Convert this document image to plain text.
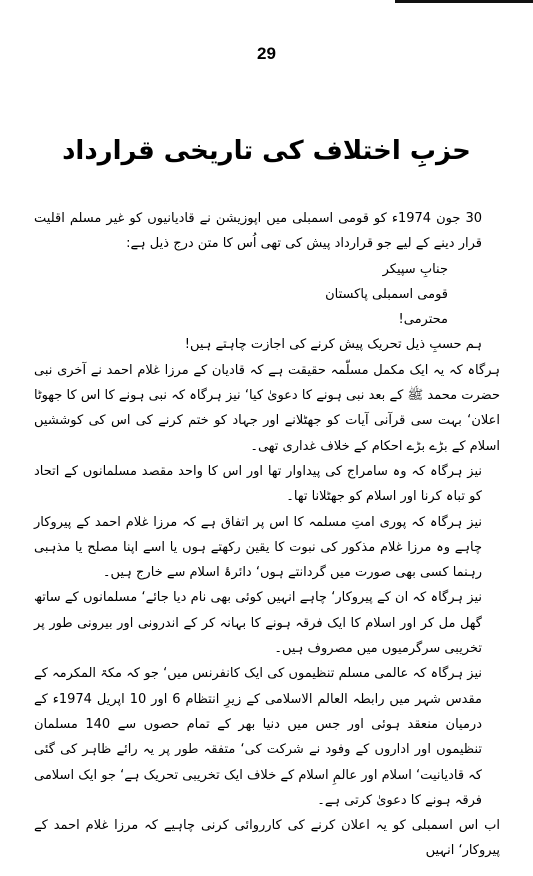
29
حزبِ اختلاف کی تاریخی قرارداد

30 جون 1974ء کو قومی اسمبلی میں اپوزیشن نے قادیانیوں کو غیر مسلم اقلیت قرار دینے کے لیے جو قرارداد پیش کی تھی اُس کا متن درج ذیل ہے:

جنابِ سپیکر

قومی اسمبلی پاکستان

محترمی!

ہم حسبِ ذیل تحریک پیش کرنے کی اجازت چاہتے ہیں!

ہرگاہ کہ یہ ایک مکمل مسلّمہ حقیقت ہے کہ قادیان کے مرزا غلام احمد نے آخری نبی حضرت محمد ﷺ کے بعد نبی ہونے کا دعویٰ کیا‘ نیز ہرگاہ کہ نبی ہونے کا اس کا جھوٹا اعلان‘ بہت سی قرآنی آیات کو جھٹلانے اور جہاد کو ختم کرنے کی اس کی کوششیں اسلام کے بڑے بڑے احکام کے خلاف غداری تھی۔

نیز ہرگاہ کہ وہ سامراج کی پیداوار تھا اور اس کا واحد مقصد مسلمانوں کے اتحاد کو تباہ کرنا اور اسلام کو جھٹلانا تھا۔

نیز ہرگاہ کہ پوری امتِ مسلمہ کا اس پر اتفاق ہے کہ مرزا غلام احمد کے پیروکار چاہے وہ مرزا غلام مذکور کی نبوت کا یقین رکھتے ہوں یا اسے اپنا مصلح یا مذہبی رہنما کسی بھی صورت میں گردانتے ہوں‘ دائرۂ اسلام سے خارج ہیں۔

نیز ہرگاہ کہ ان کے پیروکار‘ چاہے انہیں کوئی بھی نام دیا جائے‘ مسلمانوں کے ساتھ گھل مل کر اور اسلام کا ایک فرقہ ہونے کا بہانہ کر کے اندرونی اور بیرونی طور پر تخریبی سرگرمیوں میں مصروف ہیں۔

نیز ہرگاہ کہ عالمی مسلم تنظیموں کی ایک کانفرنس میں‘ جو کہ مکۃ المکرمہ کے مقدس شہر میں رابطہ العالم الاسلامی کے زیرِ انتظام 6 اور 10 اپریل 1974ء کے درمیان منعقد ہوئی اور جس میں دنیا بھر کے تمام حصوں سے 140 مسلمان تنظیموں اور اداروں کے وفود نے شرکت کی‘ متفقہ طور پر یہ رائے ظاہر کی گئی کہ قادیانیت‘ اسلام اور عالمِ اسلام کے خلاف ایک تخریبی تحریک ہے‘ جو ایک اسلامی فرقہ ہونے کا دعویٰ کرتی ہے۔

اب اس اسمبلی کو یہ اعلان کرنے کی کارروائی کرنی چاہیے کہ مرزا غلام احمد کے پیروکار‘ انہیں
